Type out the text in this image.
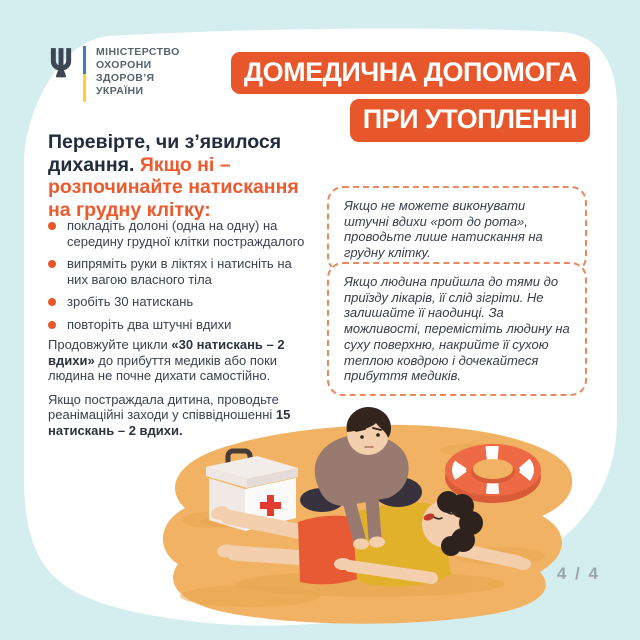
МІНІСТЕРСТВО
ОХОРОНИ
ЗДОРОВ’Я
УКРАЇНИ
ДОМЕДИЧНА ДОПОМОГА
ПРИ УТОПЛЕННІ
Перевірте, чи з’явилося дихання. Якщо ні – розпочинайте натискання на грудну клітку:
покладіть долоні (одна на одну) на середину грудної клітки постраждалого
випряміть руки в ліктях і натисніть на них вагою власного тіла
зробіть 30 натискань
повторіть два штучні вдихи

Продовжуйте цикли «30 натискань – 2 вдихи» до прибуття медиків або поки людина не почне дихати самостійно.

Якщо постраждала дитина, проводьте реанімаційні заходи у співвідношенні 15 натискань – 2 вдихи.

Якщо не можете виконувати штучні вдихи «рот до рота», проводьте лише натискання на грудну клітку.

Якщо людина прийшла до тями до приїзду лікарів, її слід зігріти. Не залишайте її наодинці. За можливості, перемістіть людину на суху поверхню, накрийте її сухою теплою ковдрою і дочекайтеся прибуття медиків.

4 / 4
